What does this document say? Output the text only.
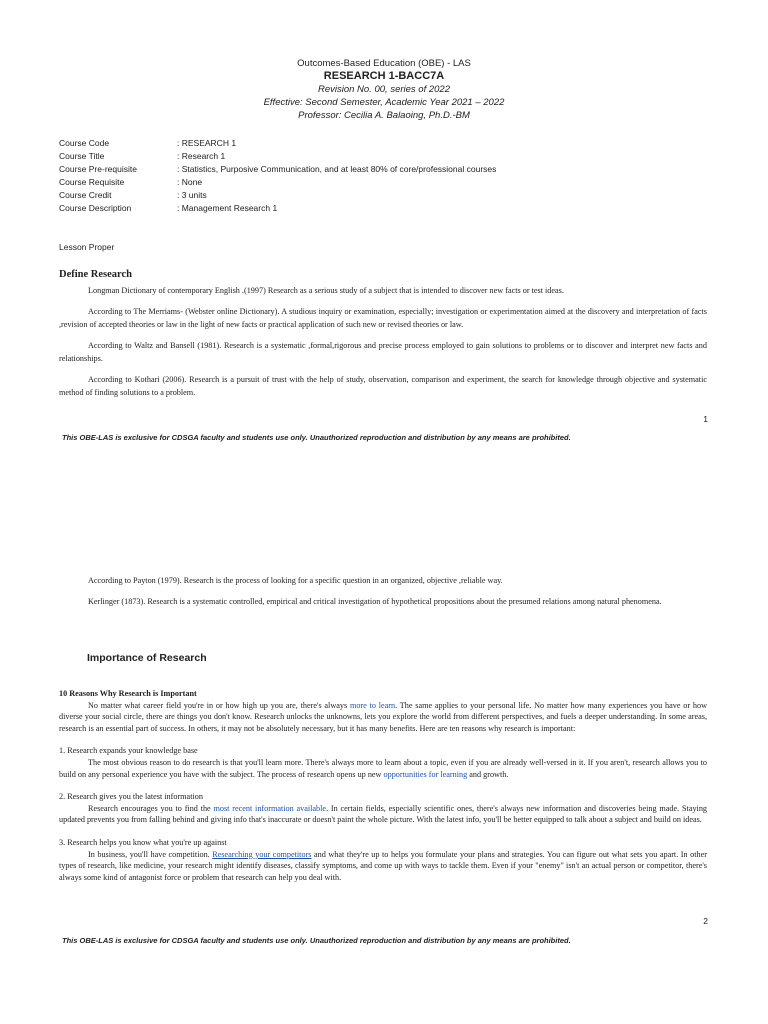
Outcomes-Based Education (OBE) - LAS
RESEARCH 1-BACC7A
Revision No. 00, series of 2022
Effective: Second Semester, Academic Year 2021 – 2022
Professor: Cecilia A. Balaoing, Ph.D.-BM
Course Code	: RESEARCH 1
Course Title	: Research 1
Course Pre-requisite	: Statistics, Purposive Communication, and at least 80% of core/professional courses
Course Requisite	: None
Course Credit	: 3 units
Course Description	: Management Research 1
Lesson Proper
Define Research

Longman Dictionary of contemporary English .(1997) Research as a serious study of a subject that is intended to discover new facts or test ideas.

According to The Merriams- (Webster online Dictionary). A studious inquiry or examination, especially; investigation or experimentation aimed at the discovery and interpretation of facts ,revision of accepted theories or law in the light of new facts or practical application of such new or revised theories or law.

According to Waltz and Bansell (1981). Research is a systematic ,formal,rigorous and precise process employed to gain solutions to problems or to discover and interpret new facts and relationships.

According to Kothari (2006). Research is a pursuit of trust with the help of study, observation, comparison and experiment, the search for knowledge through objective and systematic method of finding solutions to a problem.

1
This OBE-LAS is exclusive for CDSGA faculty and students use only. Unauthorized reproduction and distribution by any means are prohibited.

According to Payton (1979). Research is the process of looking for a specific question in an organized, objective ,reliable way.

Kerlinger (1873). Research is a systematic controlled, empirical and critical investigation of hypothetical propositions about the presumed relations among natural phenomena.

Importance of Research
10 Reasons Why Research is Important

No matter what career field you're in or how high up you are, there's always more to learn. The same applies to your personal life. No matter how many experiences you have or how diverse your social circle, there are things you don't know. Research unlocks the unknowns, lets you explore the world from different perspectives, and fuels a deeper understanding. In some areas, research is an essential part of success. In others, it may not be absolutely necessary, but it has many benefits. Here are ten reasons why research is important:

1. Research expands your knowledge base

The most obvious reason to do research is that you'll learn more. There's always more to learn about a topic, even if you are already well-versed in it. If you aren't, research allows you to build on any personal experience you have with the subject. The process of research opens up new opportunities for learning and growth.

2. Research gives you the latest information

Research encourages you to find the most recent information available. In certain fields, especially scientific ones, there's always new information and discoveries being made. Staying updated prevents you from falling behind and giving info that's inaccurate or doesn't paint the whole picture. With the latest info, you'll be better equipped to talk about a subject and build on ideas.

3. Research helps you know what you're up against

In business, you'll have competition. Researching your competitors and what they're up to helps you formulate your plans and strategies. You can figure out what sets you apart. In other types of research, like medicine, your research might identify diseases, classify symptoms, and come up with ways to tackle them. Even if your "enemy" isn't an actual person or competitor, there's always some kind of antagonist force or problem that research can help you deal with.

2
This OBE-LAS is exclusive for CDSGA faculty and students use only. Unauthorized reproduction and distribution by any means are prohibited.
